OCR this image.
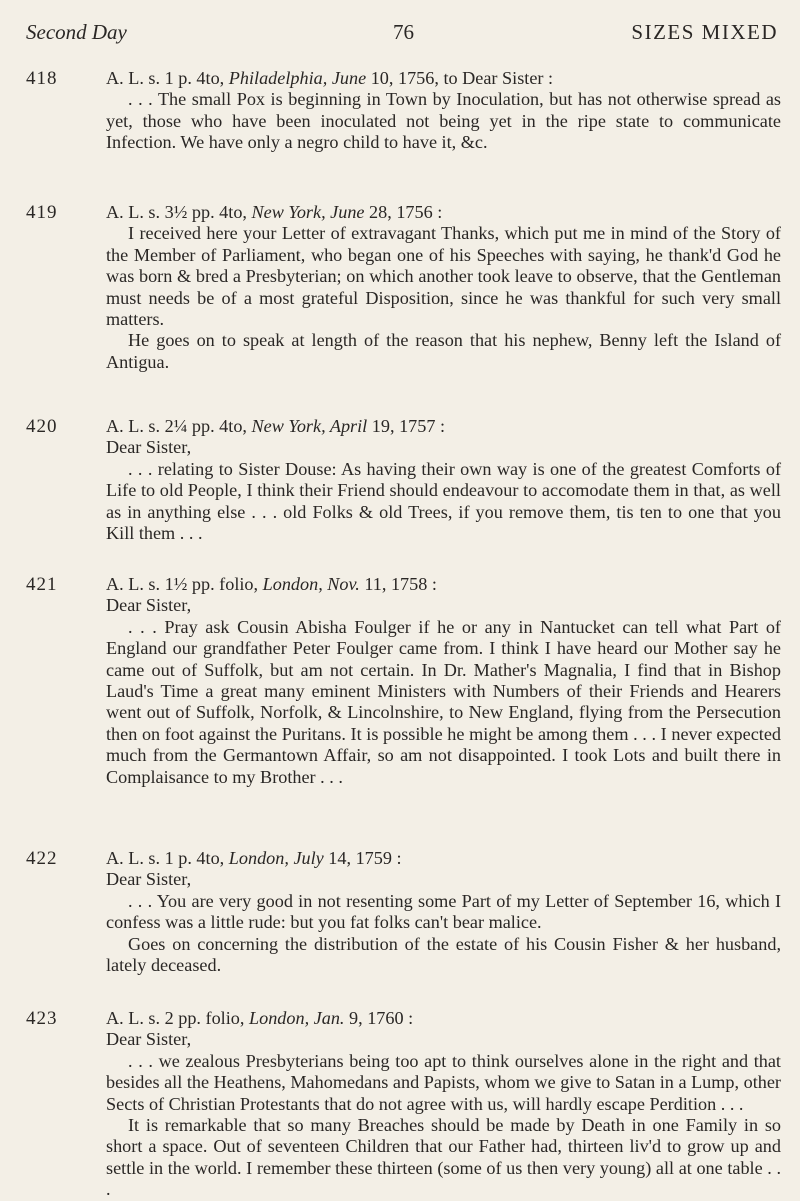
Second Day	76	SIZES MIXED
418	A. L. s. 1 p. 4to, Philadelphia, June 10, 1756, to Dear Sister :

. . . The small Pox is beginning in Town by Inoculation, but has not otherwise spread as yet, those who have been inoculated not being yet in the ripe state to communicate Infection. We have only a negro child to have it, &c.

419	A. L. s. 3½ pp. 4to, New York, June 28, 1756 :

I received here your Letter of extravagant Thanks, which put me in mind of the Story of the Member of Parliament, who began one of his Speeches with saying, he thank'd God he was born & bred a Presbyterian; on which another took leave to observe, that the Gentleman must needs be of a most grateful Disposition, since he was thankful for such very small matters.

He goes on to speak at length of the reason that his nephew, Benny left the Island of Antigua.

420	A. L. s. 2¼ pp. 4to, New York, April 19, 1757 :

Dear Sister,

. . . relating to Sister Douse: As having their own way is one of the greatest Comforts of Life to old People, I think their Friend should endeavour to accomodate them in that, as well as in anything else . . . old Folks & old Trees, if you remove them, tis ten to one that you Kill them . . .

421	A. L. s. 1½ pp. folio, London, Nov. 11, 1758 :

Dear Sister,

. . . Pray ask Cousin Abisha Foulger if he or any in Nantucket can tell what Part of England our grandfather Peter Foulger came from. I think I have heard our Mother say he came out of Suffolk, but am not certain. In Dr. Mather's Magnalia, I find that in Bishop Laud's Time a great many eminent Ministers with Numbers of their Friends and Hearers went out of Suffolk, Norfolk, & Lincolnshire, to New England, flying from the Persecution then on foot against the Puritans. It is possible he might be among them . . . I never expected much from the Germantown Affair, so am not disappointed. I took Lots and built there in Complaisance to my Brother . . .

422	A. L. s. 1 p. 4to, London, July 14, 1759 :

Dear Sister,

. . . You are very good in not resenting some Part of my Letter of September 16, which I confess was a little rude: but you fat folks can't bear malice.

Goes on concerning the distribution of the estate of his Cousin Fisher & her husband, lately deceased.

423	A. L. s. 2 pp. folio, London, Jan. 9, 1760 :

Dear Sister,

. . . we zealous Presbyterians being too apt to think ourselves alone in the right and that besides all the Heathens, Mahomedans and Papists, whom we give to Satan in a Lump, other Sects of Christian Protestants that do not agree with us, will hardly escape Perdition . . .

It is remarkable that so many Breaches should be made by Death in one Family in so short a space. Out of seventeen Children that our Father had, thirteen liv'd to grow up and settle in the world. I remember these thirteen (some of us then very young) all at one table . . .
